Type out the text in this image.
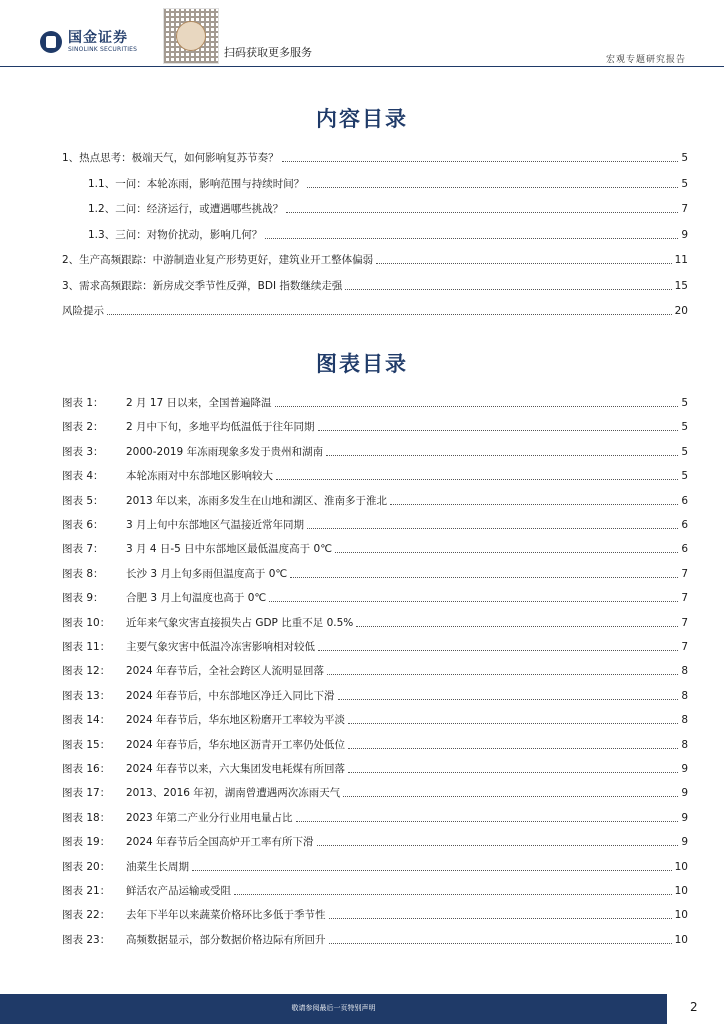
国金证券
SINOLINK SECURITIES	扫码获取更多服务
宏观专题研究报告
内容目录
1、热点思考：极端天气，如何影响复苏节奏？	5
1.1、一问：本轮冻雨，影响范围与持续时间？	5
1.2、二问：经济运行，或遭遇哪些挑战？	7
1.3、三问：对物价扰动，影响几何？	9
2、生产高频跟踪：中游制造业复产形势更好，建筑业开工整体偏弱	11
3、需求高频跟踪：新房成交季节性反弹，BDI 指数继续走强	15
风险提示	20
图表目录
图表 1：	2 月 17 日以来，全国普遍降温	5
图表 2：	2 月中下旬，多地平均低温低于往年同期	5
图表 3：	2000-2019 年冻雨现象多发于贵州和湖南	5
图表 4：	本轮冻雨对中东部地区影响较大	5
图表 5：	2013 年以来，冻雨多发生在山地和湖区、淮南多于淮北	6
图表 6：	3 月上旬中东部地区气温接近常年同期	6
图表 7：	3 月 4 日-5 日中东部地区最低温度高于 0℃	6
图表 8：	长沙 3 月上旬多雨但温度高于 0℃	7
图表 9：	合肥 3 月上旬温度也高于 0℃	7
图表 10：	近年来气象灾害直接损失占 GDP 比重不足 0.5%	7
图表 11：	主要气象灾害中低温冷冻害影响相对较低	7
图表 12：	2024 年春节后，全社会跨区人流明显回落	8
图表 13：	2024 年春节后，中东部地区净迁入同比下滑	8
图表 14：	2024 年春节后，华东地区粉磨开工率较为平淡	8
图表 15：	2024 年春节后，华东地区沥青开工率仍处低位	8
图表 16：	2024 年春节以来，六大集团发电耗煤有所回落	9
图表 17：	2013、2016 年初，湖南曾遭遇两次冻雨天气	9
图表 18：	2023 年第二产业分行业用电量占比	9
图表 19：	2024 年春节后全国高炉开工率有所下滑	9
图表 20：	油菜生长周期	10
图表 21：	鲜活农产品运输或受阻	10
图表 22：	去年下半年以来蔬菜价格环比多低于季节性	10
图表 23：	高频数据显示，部分数据价格边际有所回升	10
敬请参阅最后一页特别声明	2
